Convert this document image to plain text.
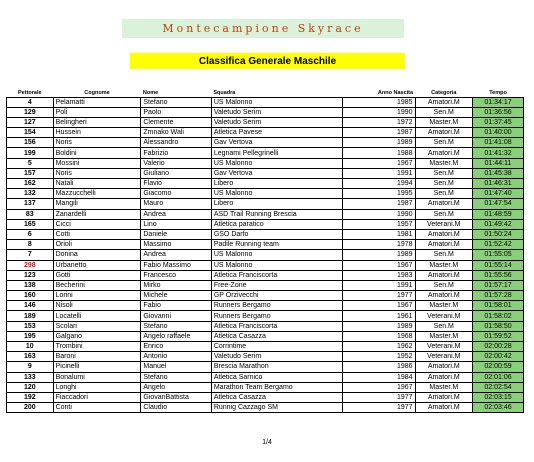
Montecampione Skyrace
Classifica Generale Maschile
Pettorale	Cognome	Nome	Squadra	Anno Nascita	Categoria	Tempo
4	Pelamatti	Stefano	US Malonno	1985	Amatori.M	01:34:17
129	Poli	Paolo	Valetudo Serim	1990	Sen.M	01:36:56
127	Belingheri	Clemente	Valetudo Serim	1972	Master.M	01:37:45
154	Hussein	Zmnako Wali	Atletica Pavese	1987	Amatori.M	01:40:00
156	Noris	Alessandro	Gav Vertova	1989	Sen.M	01:41:08
199	Boldini	Fabrizio	Legnami Pellegrinelli	1988	Amatori.M	01:41:32
5	Mossini	Valerio	US Malonno	1967	Master.M	01:44:11
157	Noris	Giuliano	Gav Vertova	1991	Sen.M	01:45:38
162	Natali	Flavio	Libero	1994	Sen.M	01:46:31
132	Mazzucchelli	Giacomo	US Malonno	1995	Sen.M	01:47:40
137	Mangili	Mauro	Libero	1987	Amatori.M	01:47:54
83	Zanardelli	Andrea	ASD Trail Running Brescia	1990	Sen.M	01:48:59
165	Cicci	Lino	Atletica paratico	1957	Veterani.M	01:49:42
6	Cotti	Daniele	GSO Darfo	1981	Amatori.M	01:50:24
8	Orioli	Massimo	Padile Running team	1978	Amatori.M	01:52:42
7	Donina	Andrea	US Malonno	1989	Sen.M	01:55:05
298	Urbanetto	Fabio Massimo	US Malonno	1967	Master.M	01:55:14
123	Gotti	Francesco	Atletica Franciscorta	1983	Amatori.M	01:55:56
138	Becherini	Mirko	Free-Zone	1991	Sen.M	01:57:17
160	Lorini	Michele	GP Orzivecchi	1977	Amatori.M	01:57:28
146	Nisoli	Fabio	Runners Bergamo	1967	Master.M	01:58:01
189	Locatelli	Giovanni	Runners Bergamo	1961	Veterani.M	01:58:02
153	Scolari	Stefano	Atletica Franciscorta	1989	Sen.M	01:58:50
195	Galgano	Angelo raffaele	Atletica Casazza	1968	Master.M	01:59:52
10	Trombini	Enrico	Corrintime	1962	Veterani.M	02:00:28
163	Baroni	Antonio	Valetudo Serim	1952	Veterani.M	02:00:42
9	Picinelli	Manuel	Brescia Marathon	1986	Amatori.M	02:00:59
133	Bonalumi	Stefano	Atletica Sarnico	1984	Amatori.M	02:01:06
120	Longhi	Angelo	Marathon Team Bergamo	1967	Master.M	02:02:54
192	Fiaccadori	GiovanBattista	Atletica Casazza	1977	Amatori.M	02:03:15
200	Conti	Claudio	Runnig Cazzago SM	1977	Amatori.M	02:03:46
1/4
